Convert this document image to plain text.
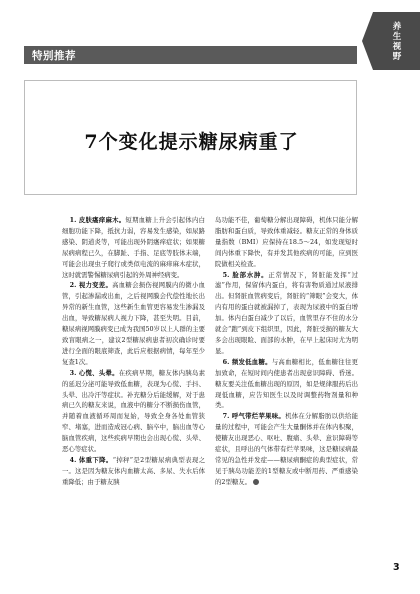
特别推荐
养生视野
7个变化提示糖尿病重了

1. 皮肤瘙痒麻木。短期血糖上升会引起体内白细胞功能下降，抵抗力弱，容易发生感染，如尿路感染、阴道炎等，可能出现外阴瘙痒症状；如果糖尿病病程已久，在脚趾、手指、足底等肢体末端，可能会出现虫子爬行或类似电流的麻痒麻木症状，这时就需警惕糖尿病引起的外周神经病变。

2. 视力变差。高血糖会损伤视网膜内的微小血管，引起渗漏或出血，之后视网膜会代偿性地长出异常的新生血管，这些新生血管更容易发生渗漏及出血，导致糖尿病人视力下降，甚至失明。目前，糖尿病视网膜病变已成为我国50岁以上人群的主要致盲眼病之一，建议2型糖尿病患者初次确诊时要进行全面的眼底筛查，此后应根据病情，每年至少复查1次。

3. 心慌、头晕。在疾病早期，糖友体内胰岛素的延迟分泌可能导致低血糖，表现为心慌、手抖、头晕、出冷汗等症状。补充糖分后能缓解，对于患病已久的糖友来说，血液中的糖分不断损伤血管，并随着血液循环周而复始，导致全身各处血管狭窄、堵塞，进而造成冠心病、脑卒中，脑出血等心脑血管疾病，这些疾病早期也会出现心慌、头晕、恶心等症状。

4. 体重下降。“掉秤”是2型糖尿病典型表现之一。这是因为糖友体内血糖太高、多尿、失水后体重降低；由于糖友胰

岛功能不佳，葡萄糖分解出现障碍，机体只能分解脂肪和蛋白质，导致体重减轻。糖友正常的身体质量指数（BMI）应保持在18.5～24，如发现短时间内体重下降快，有并发其他疾病的可能，应到医院做相关检查。

5. 脸部水肿。正常情况下，肾脏能发挥“过滤”作用，保留体内蛋白，将有害物质通过尿液排出。但肾脏血管病变后，肾脏的“筛眼”会变大，体内有用的蛋白就被漏掉了，表现为尿液中的蛋白增加。体内白蛋白减少了以后，血管里存不住的水分就会“跑”到皮下组织里，因此，肾脏受损的糖友大多会出现眼睑、面部的水肿，在早上起床时尤为明显。

6. 频发低血糖。与高血糖相比，低血糖往往更加致命，在短时间内使患者出现意识障碍、昏迷。糖友要关注低血糖出现的原因，如是规律服药后出现低血糖，应告知医生以及时调整药物剂量和种类。

7. 呼气带烂苹果味。机体在分解脂肪以供给能量的过程中，可能会产生大量酮体并在体内积聚，使糖友出现恶心、呕吐、腹痛、头晕、意识障碍等症状，且呼出的气体带有烂苹果味，这是糖尿病最常见的急性并发症——糖尿病酮症的典型症状，常见于胰岛功能差的1型糖友或中断用药、严重感染的2型糖友。

3
